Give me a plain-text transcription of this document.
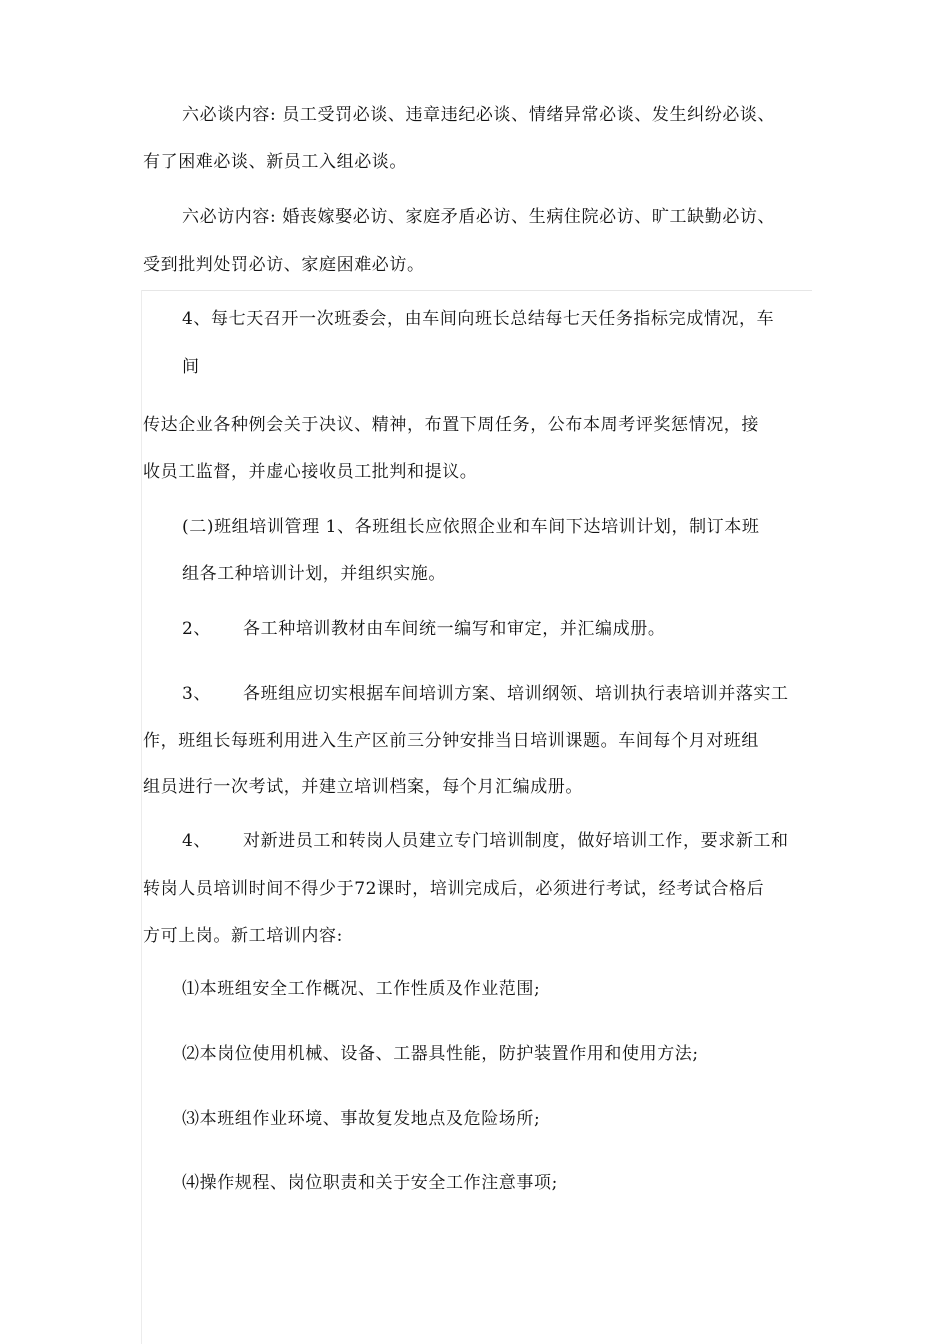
六必谈内容: 员工受罚必谈、违章违纪必谈、情绪异常必谈、发生纠纷必谈、
有了困难必谈、新员工入组必谈。
六必访内容: 婚丧嫁娶必访、家庭矛盾必访、生病住院必访、旷工缺勤必访、
受到批判处罚必访、家庭困难必访。
4、每七天召开一次班委会，由车间向班长总结每七天任务指标完成情况，车
间
传达企业各种例会关于决议、精神，布置下周任务，公布本周考评奖惩情况，接
收员工监督，并虚心接收员工批判和提议。
(二)班组培训管理 1、各班组长应依照企业和车间下达培训计划，制订本班
组各工种培训计划，并组织实施。
2、 各工种培训教材由车间统一编写和审定，并汇编成册。
3、 各班组应切实根据车间培训方案、培训纲领、培训执行表培训并落实工
作，班组长每班利用进入生产区前三分钟安排当日培训课题。车间每个月对班组
组员进行一次考试，并建立培训档案，每个月汇编成册。
4、 对新进员工和转岗人员建立专门培训制度，做好培训工作，要求新工和
转岗人员培训时间不得少于72课时，培训完成后，必须进行考试，经考试合格后
方可上岗。新工培训内容:
⑴本班组安全工作概况、工作性质及作业范围;
⑵本岗位使用机械、设备、工器具性能，防护装置作用和使用方法;
⑶本班组作业环境、事故复发地点及危险场所;
⑷操作规程、岗位职责和关于安全工作注意事项;
